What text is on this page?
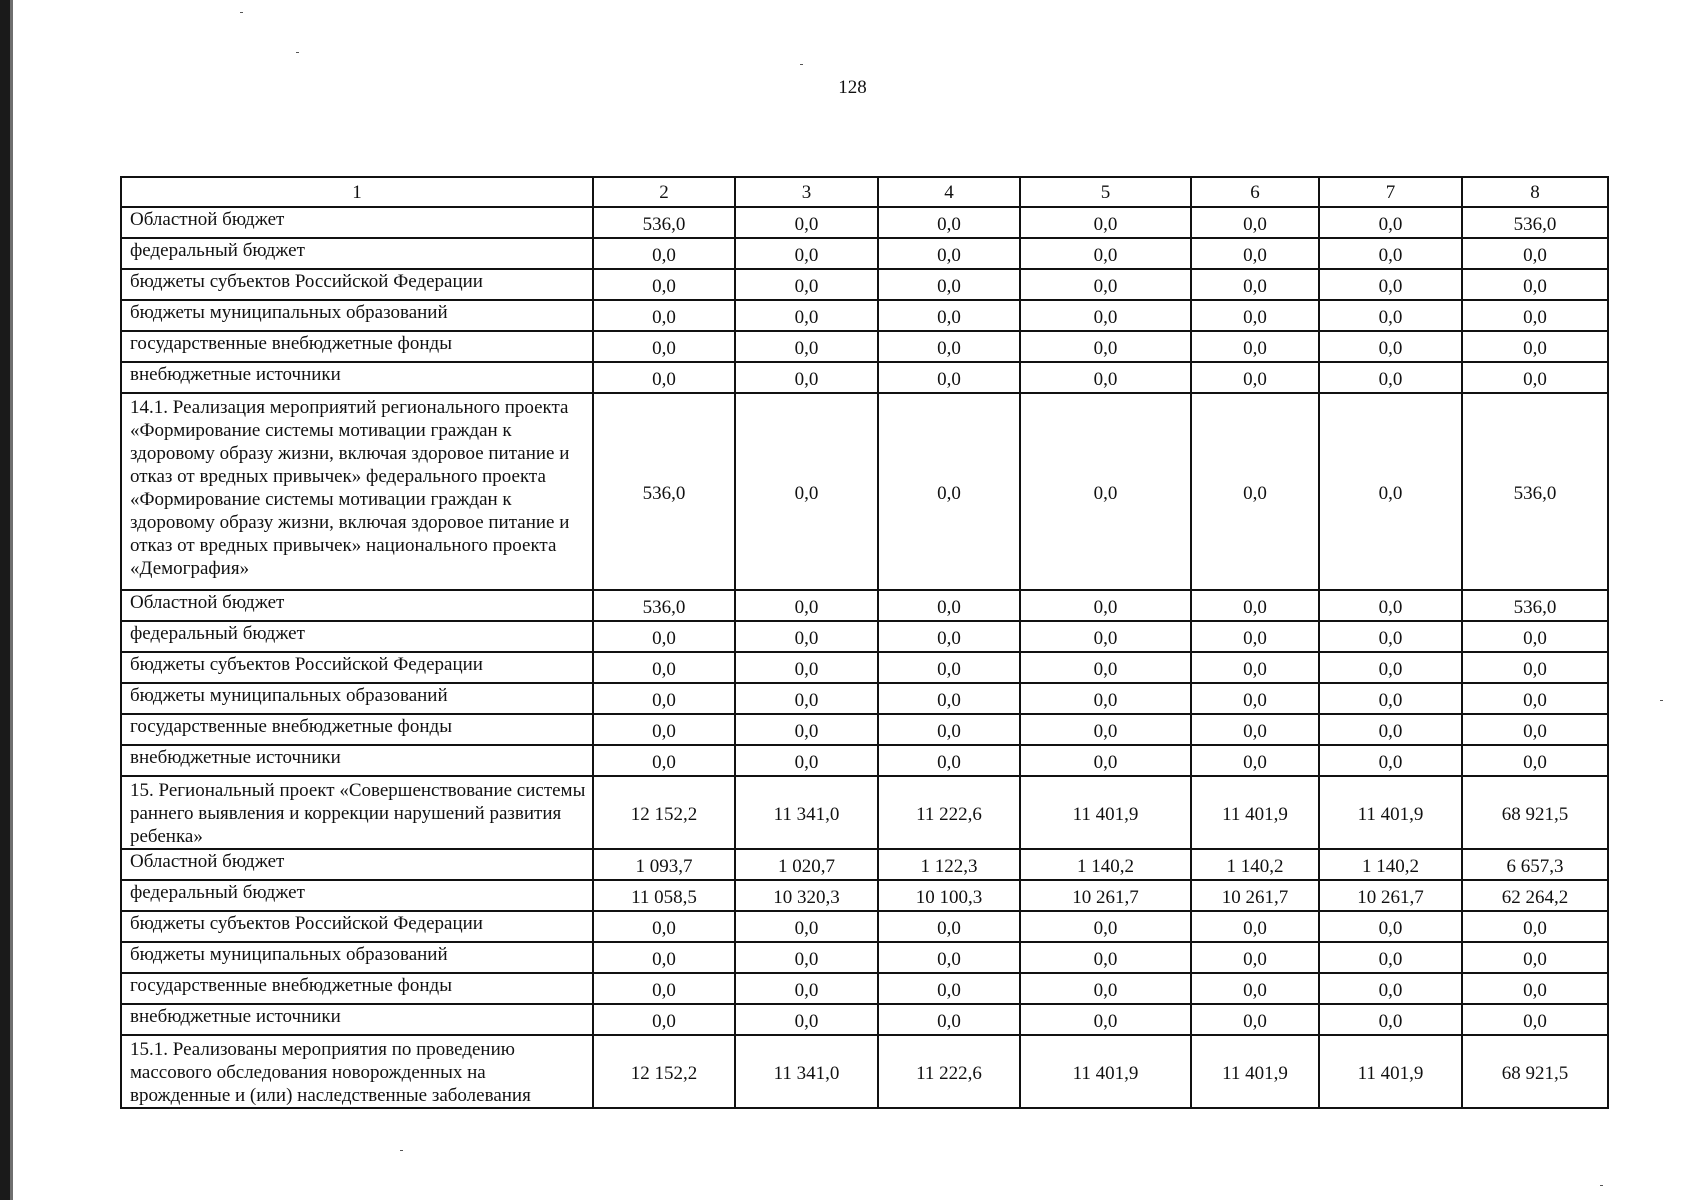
128
1	2	3	4	5	6	7	8
Областной бюджет	536,0	0,0	0,0	0,0	0,0	0,0	536,0
федеральный бюджет	0,0	0,0	0,0	0,0	0,0	0,0	0,0
бюджеты субъектов Российской Федерации	0,0	0,0	0,0	0,0	0,0	0,0	0,0
бюджеты муниципальных образований	0,0	0,0	0,0	0,0	0,0	0,0	0,0
государственные внебюджетные фонды	0,0	0,0	0,0	0,0	0,0	0,0	0,0
внебюджетные источники	0,0	0,0	0,0	0,0	0,0	0,0	0,0
14.1. Реализация мероприятий регионального проекта «Формирование системы мотивации граждан к здоровому образу жизни, включая здоровое питание и отказ от вредных привычек» федерального проекта «Формирование системы мотивации граждан к здоровому образу жизни, включая здоровое питание и отказ от вредных привычек» национального проекта «Демография»	536,0	0,0	0,0	0,0	0,0	0,0	536,0
Областной бюджет	536,0	0,0	0,0	0,0	0,0	0,0	536,0
федеральный бюджет	0,0	0,0	0,0	0,0	0,0	0,0	0,0
бюджеты субъектов Российской Федерации	0,0	0,0	0,0	0,0	0,0	0,0	0,0
бюджеты муниципальных образований	0,0	0,0	0,0	0,0	0,0	0,0	0,0
государственные внебюджетные фонды	0,0	0,0	0,0	0,0	0,0	0,0	0,0
внебюджетные источники	0,0	0,0	0,0	0,0	0,0	0,0	0,0
15. Региональный проект «Совершенствование системы раннего выявления и коррекции нарушений развития ребенка»	12 152,2	11 341,0	11 222,6	11 401,9	11 401,9	11 401,9	68 921,5
Областной бюджет	1 093,7	1 020,7	1 122,3	1 140,2	1 140,2	1 140,2	6 657,3
федеральный бюджет	11 058,5	10 320,3	10 100,3	10 261,7	10 261,7	10 261,7	62 264,2
бюджеты субъектов Российской Федерации	0,0	0,0	0,0	0,0	0,0	0,0	0,0
бюджеты муниципальных образований	0,0	0,0	0,0	0,0	0,0	0,0	0,0
государственные внебюджетные фонды	0,0	0,0	0,0	0,0	0,0	0,0	0,0
внебюджетные источники	0,0	0,0	0,0	0,0	0,0	0,0	0,0
15.1. Реализованы мероприятия по проведению массового обследования новорожденных на врожденные и (или) наследственные заболевания	12 152,2	11 341,0	11 222,6	11 401,9	11 401,9	11 401,9	68 921,5
